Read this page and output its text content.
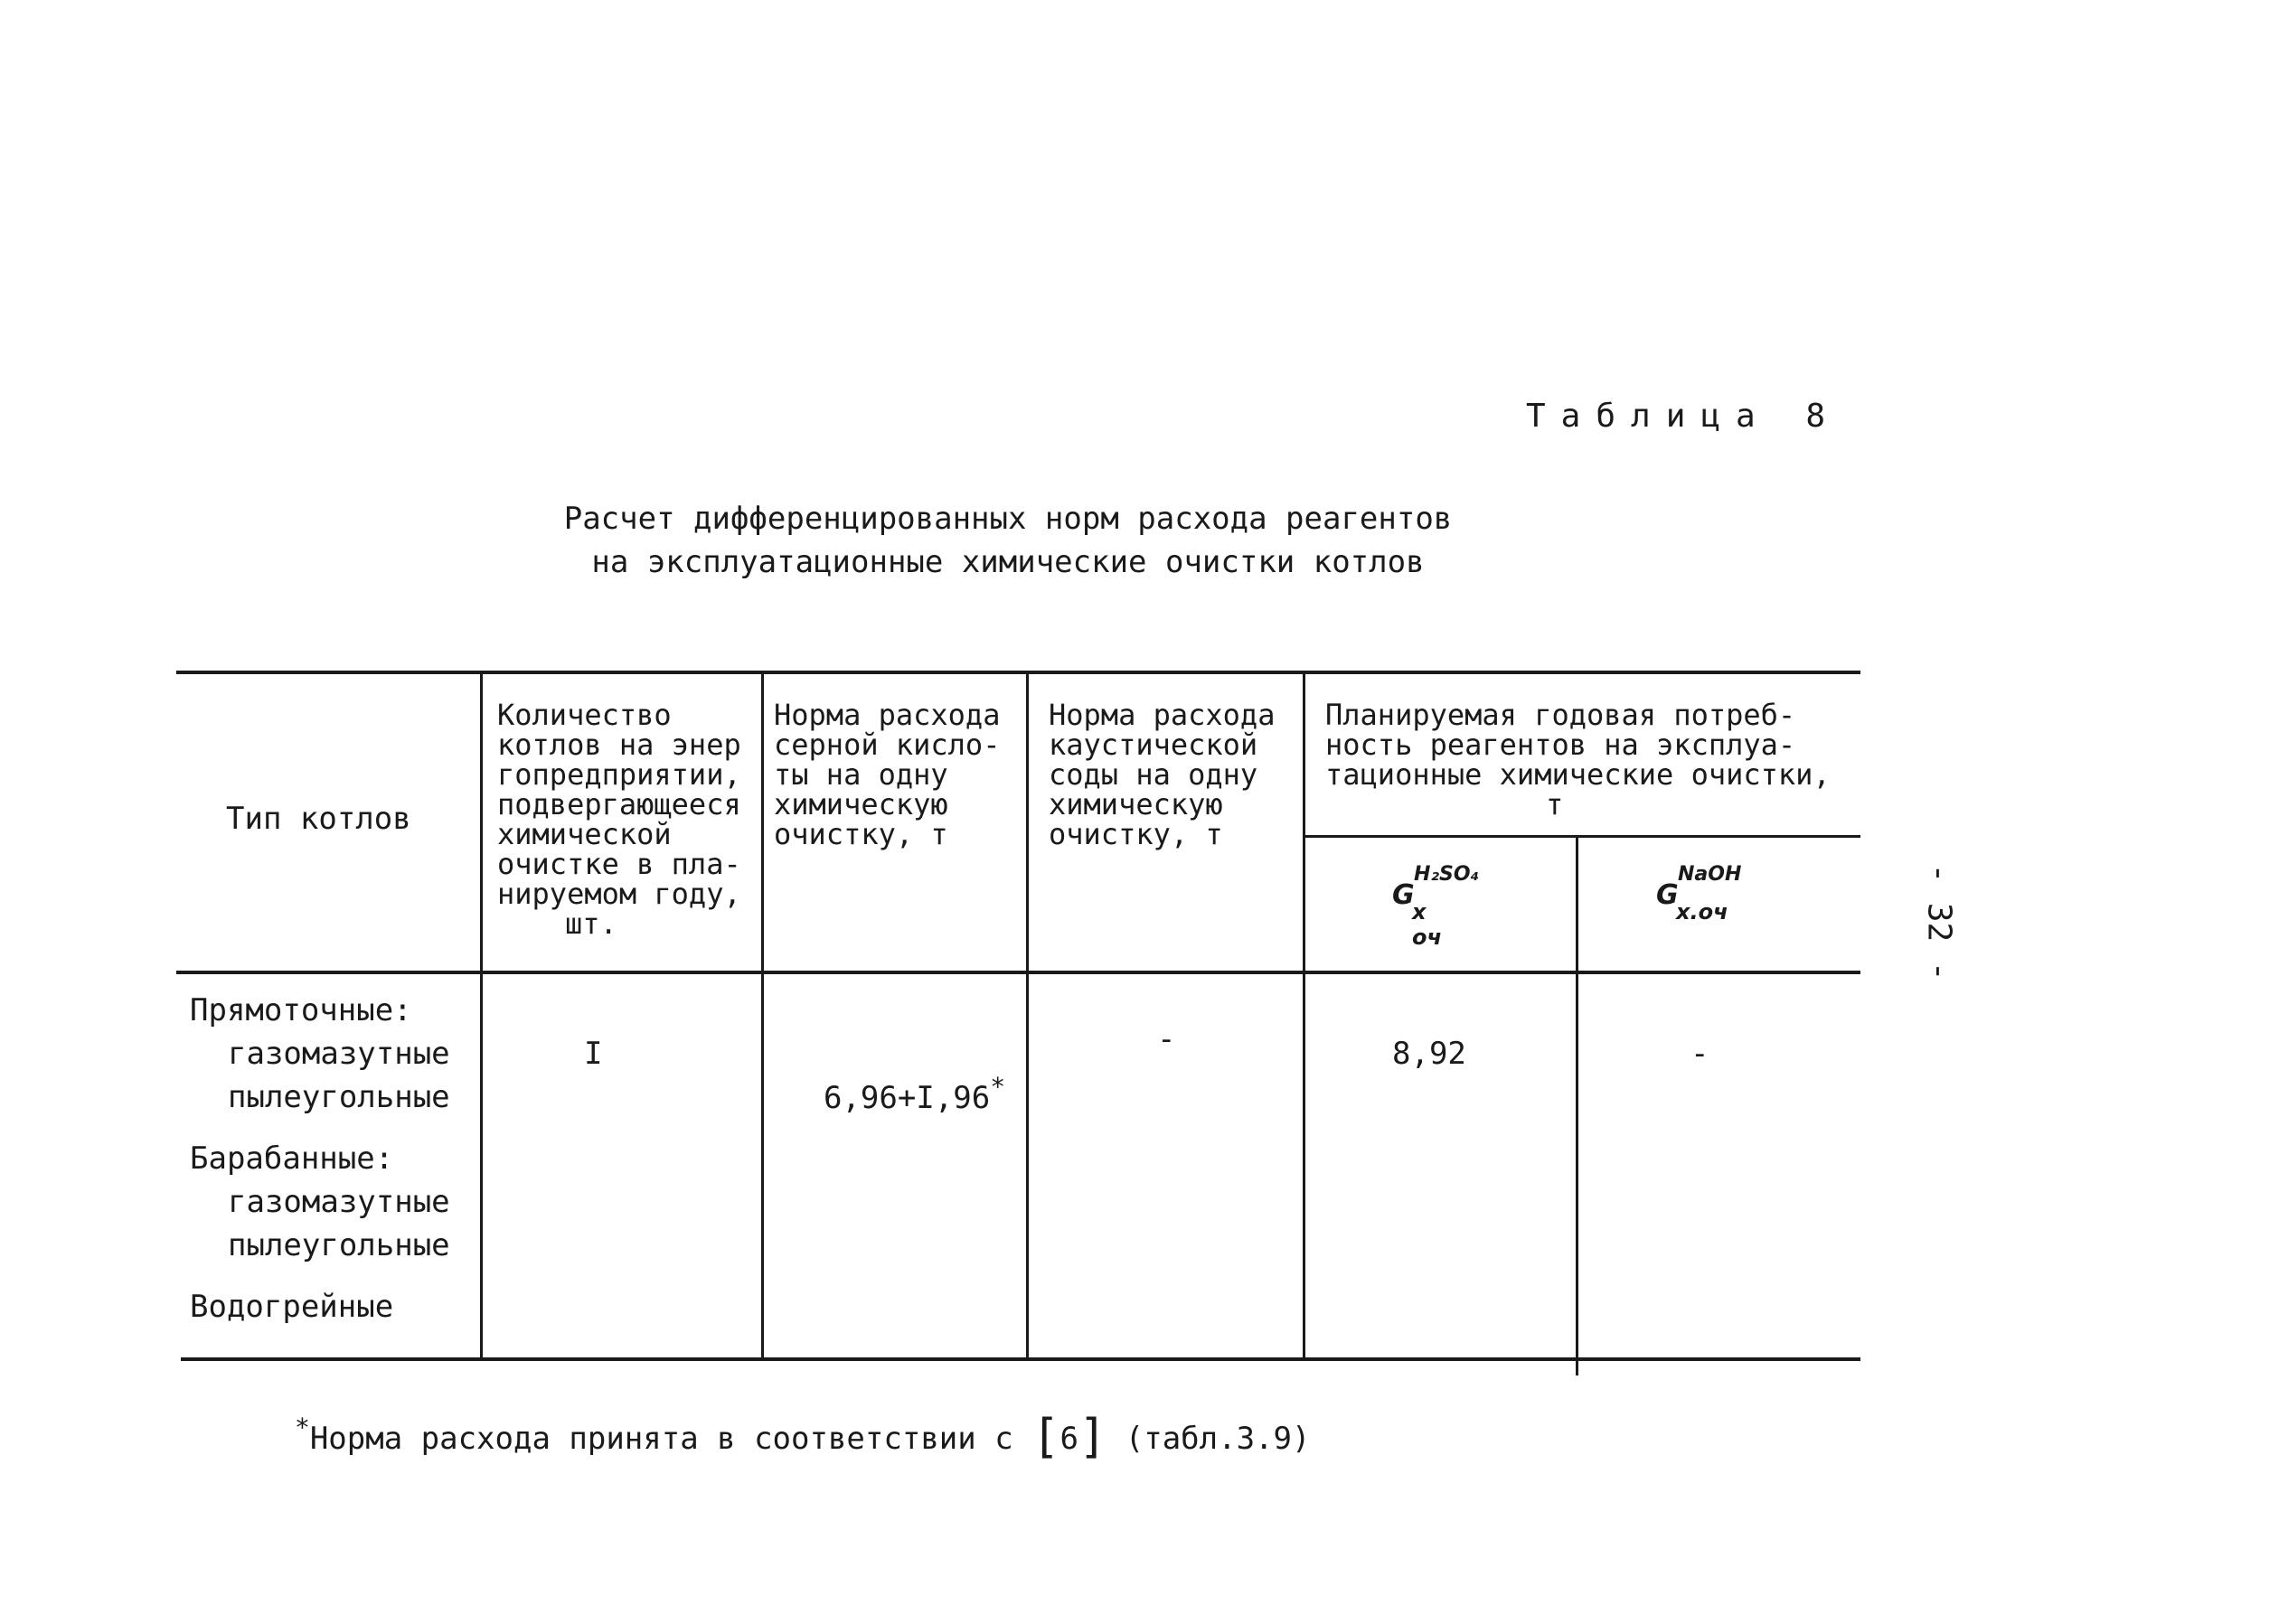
Таблица 8
Расчет дифференцированных норм расхода реагентов
на эксплуатационные химические очистки котлов
Тип котлов
Количество
котлов на энер
гопредприятии,
подвергающееся
химической
очистке в пла-
нируемом году,
шт.
Норма расхода
серной кисло-
ты на одну
химическую
очистку, т
Норма расхода
каустической
соды на одну
химическую
очистку, т
Планируемая годовая потреб-
ность реагентов на эксплуа-
тационные химические очистки,
т
G
H₂SO₄
х оч
G
NaOH
х.оч
Прямоточные:
газомазутные
пылеугольные
Барабанные:
газомазутные
пылеугольные
Водогрейные
I

6,96+I,96*

-	8,92	-
- 32 -

*Норма расхода принята в соответствии с [6] (табл.3.9)
